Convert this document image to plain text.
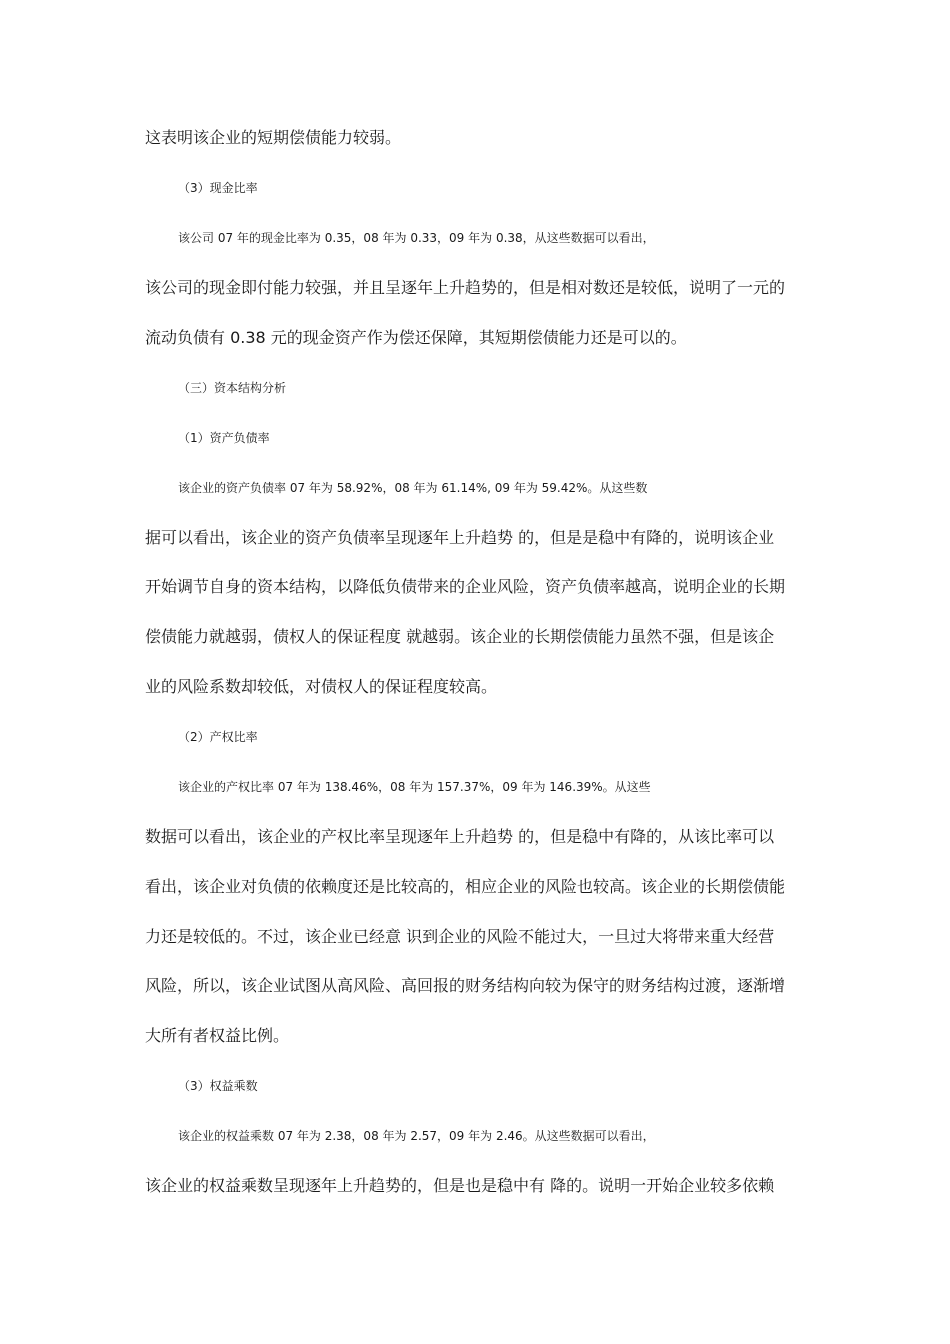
这表明该企业的短期偿债能力较弱。
（3）现金比率
该公司 07 年的现金比率为 0.35，08 年为 0.33，09 年为 0.38，从这些数据可以看出，
该公司的现金即付能力较强，并且呈逐年上升趋势的，但是相对数还是较低，说明了一元的
流动负债有 0.38 元的现金资产作为偿还保障，其短期偿债能力还是可以的。
（三）资本结构分析
（1）资产负债率
该企业的资产负债率 07 年为 58.92%，08 年为 61.14%, 09 年为 59.42%。从这些数
据可以看出，该企业的资产负债率呈现逐年上升趋势 的，但是是稳中有降的，说明该企业
开始调节自身的资本结构，以降低负债带来的企业风险，资产负债率越高，说明企业的长期
偿债能力就越弱，债权人的保证程度 就越弱。该企业的长期偿债能力虽然不强，但是该企
业的风险系数却较低，对债权人的保证程度较高。
（2）产权比率
该企业的产权比率 07 年为 138.46%，08 年为 157.37%，09 年为 146.39%。从这些
数据可以看出，该企业的产权比率呈现逐年上升趋势 的，但是稳中有降的，从该比率可以
看出，该企业对负债的依赖度还是比较高的，相应企业的风险也较高。该企业的长期偿债能
力还是较低的。不过，该企业已经意 识到企业的风险不能过大，一旦过大将带来重大经营
风险，所以，该企业试图从高风险、高回报的财务结构向较为保守的财务结构过渡，逐渐增
大所有者权益比例。
（3）权益乘数
该企业的权益乘数 07 年为 2.38，08 年为 2.57，09 年为 2.46。从这些数据可以看出，
该企业的权益乘数呈现逐年上升趋势的，但是也是稳中有 降的。说明一开始企业较多依赖
